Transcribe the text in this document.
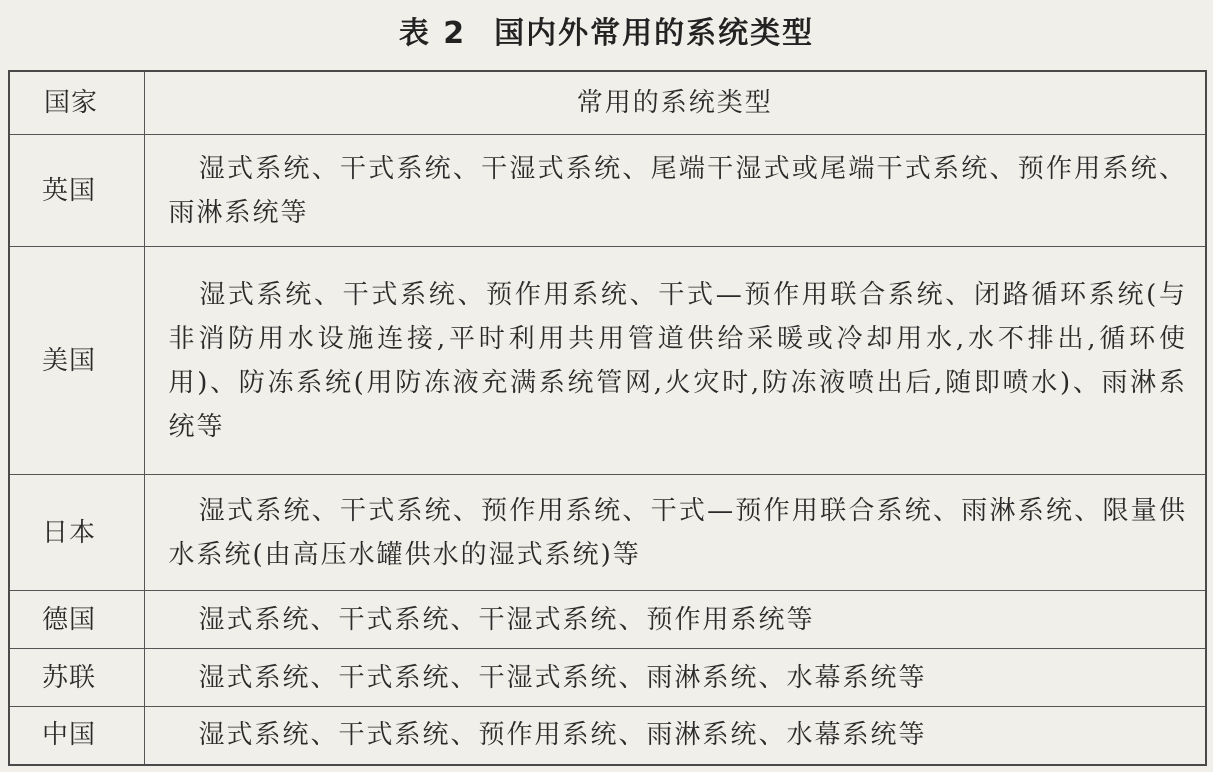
表 2 国内外常用的系统类型
国家	常用的系统类型
英国	湿式系统、干式系统、干湿式系统、尾端干湿式或尾端干式系统、预作用系统、雨淋系统等
美国	湿式系统、干式系统、预作用系统、干式—预作用联合系统、闭路循环系统(与非消防用水设施连接,平时利用共用管道供给采暖或冷却用水,水不排出,循环使用)、防冻系统(用防冻液充满系统管网,火灾时,防冻液喷出后,随即喷水)、雨淋系统等
日本	湿式系统、干式系统、预作用系统、干式—预作用联合系统、雨淋系统、限量供水系统(由高压水罐供水的湿式系统)等
德国	湿式系统、干式系统、干湿式系统、预作用系统等
苏联	湿式系统、干式系统、干湿式系统、雨淋系统、水幕系统等
中国	湿式系统、干式系统、预作用系统、雨淋系统、水幕系统等
